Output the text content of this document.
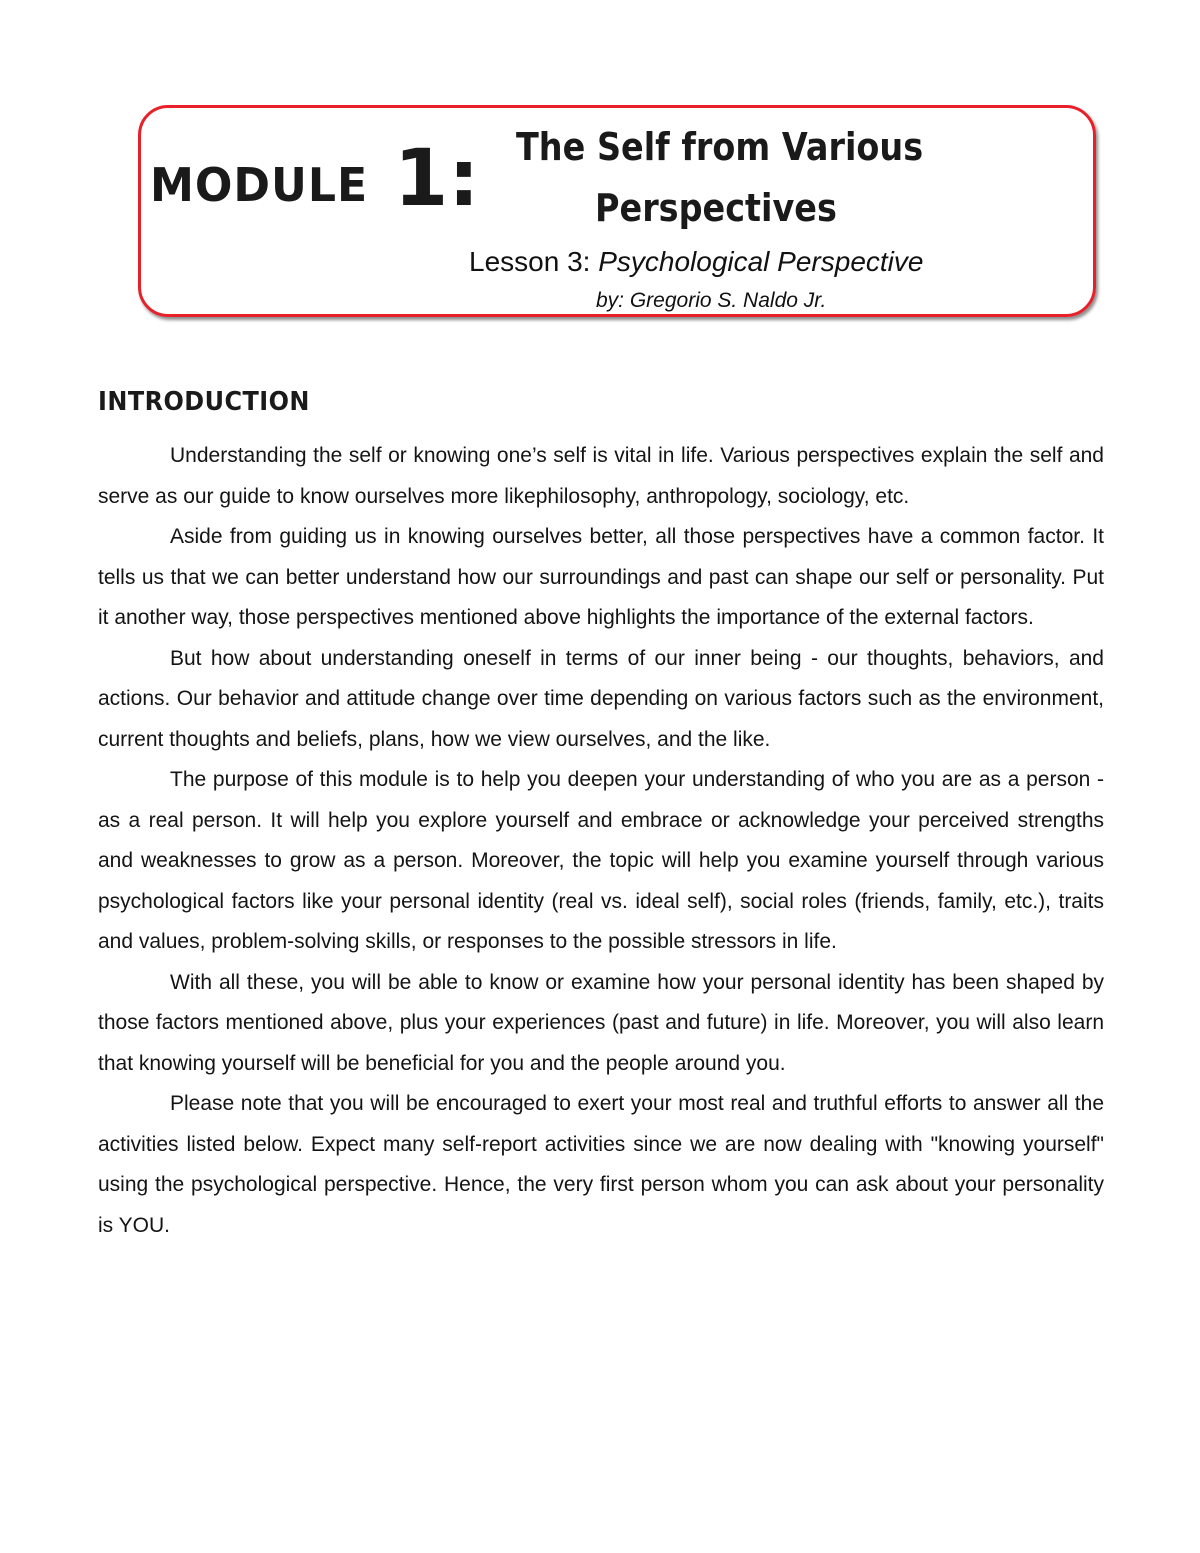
MODULE 1: The Self from Various
Perspectives
Lesson 3: Psychological Perspective
by: Gregorio S. Naldo Jr.
INTRODUCTION

Understanding the self or knowing one’s self is vital in life. Various perspectives explain the self and serve as our guide to know ourselves more likephilosophy, anthropology, sociology, etc.

Aside from guiding us in knowing ourselves better, all those perspectives have a common factor. It tells us that we can better understand how our surroundings and past can shape our self or personality. Put it another way, those perspectives mentioned above highlights the importance of the external factors.

But how about understanding oneself in terms of our inner being - our thoughts, behaviors, and actions. Our behavior and attitude change over time depending on various factors such as the environment, current thoughts and beliefs, plans, how we view ourselves, and the like.

The purpose of this module is to help you deepen your understanding of who you are as a person - as a real person. It will help you explore yourself and embrace or acknowledge your perceived strengths and weaknesses to grow as a person. Moreover, the topic will help you examine yourself through various psychological factors like your personal identity (real vs. ideal self), social roles (friends, family, etc.), traits and values, problem-solving skills, or responses to the possible stressors in life.

With all these, you will be able to know or examine how your personal identity has been shaped by those factors mentioned above, plus your experiences (past and future) in life. Moreover, you will also learn that knowing yourself will be beneficial for you and the people around you.

Please note that you will be encouraged to exert your most real and truthful efforts to answer all the activities listed below. Expect many self-report activities since we are now dealing with "knowing yourself" using the psychological perspective. Hence, the very first person whom you can ask about your personality is YOU.
